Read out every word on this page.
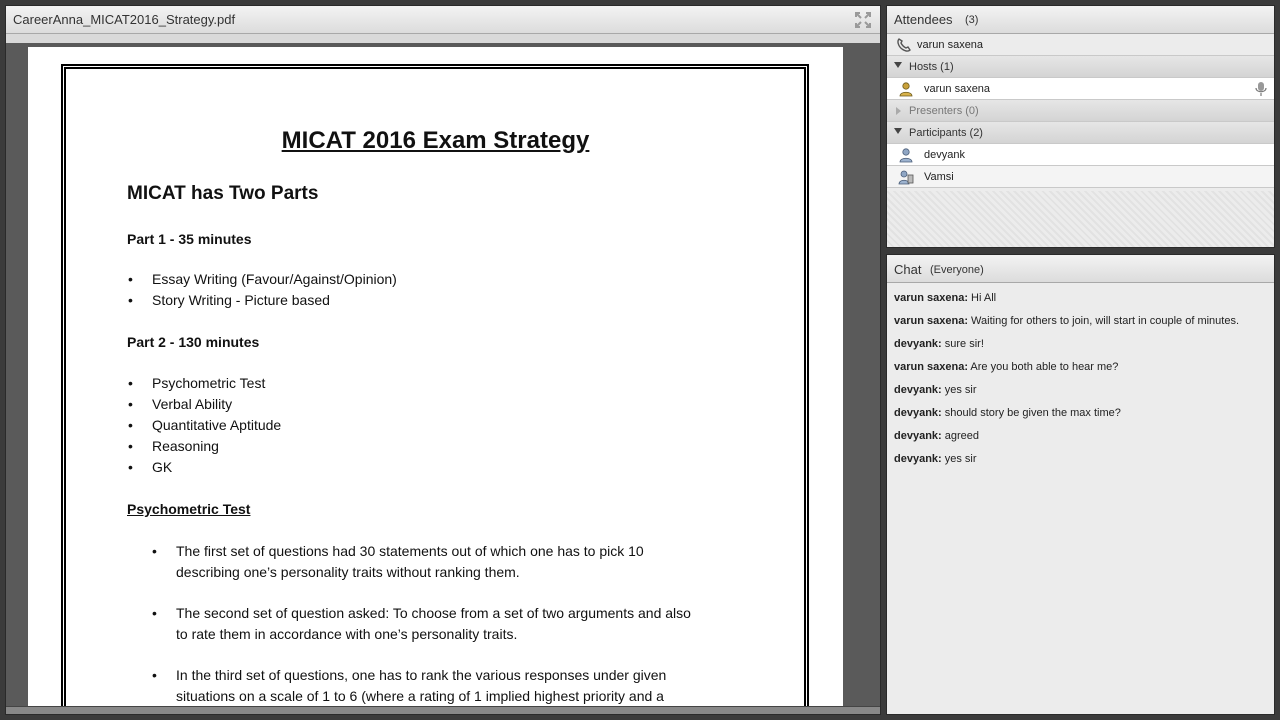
CareerAnna_MICAT2016_Strategy.pdf
MICAT 2016 Exam Strategy
MICAT has Two Parts
Part 1 - 35 minutes
• Essay Writing (Favour/Against/Opinion)
• Story Writing - Picture based
Part 2 - 130 minutes
• Psychometric Test
• Verbal Ability
• Quantitative Aptitude
• Reasoning
• GK
Psychometric Test
• The first set of questions had 30 statements out of which one has to pick 10
describing one’s personality traits without ranking them.
• The second set of question asked: To choose from a set of two arguments and also
to rate them in accordance with one’s personality traits.
• In the third set of questions, one has to rank the various responses under given
situations on a scale of 1 to 6 (where a rating of 1 implied highest priority and a
Attendees (3)
varun saxena
Hosts (1)
varun saxena
Presenters (0)
Participants (2)
devyank
Vamsi
Chat (Everyone)
varun saxena: Hi All
varun saxena: Waiting for others to join, will start in couple of minutes.
devyank: sure sir!
varun saxena: Are you both able to hear me?
devyank: yes sir
devyank: should story be given the max time?
devyank: agreed
devyank: yes sir
